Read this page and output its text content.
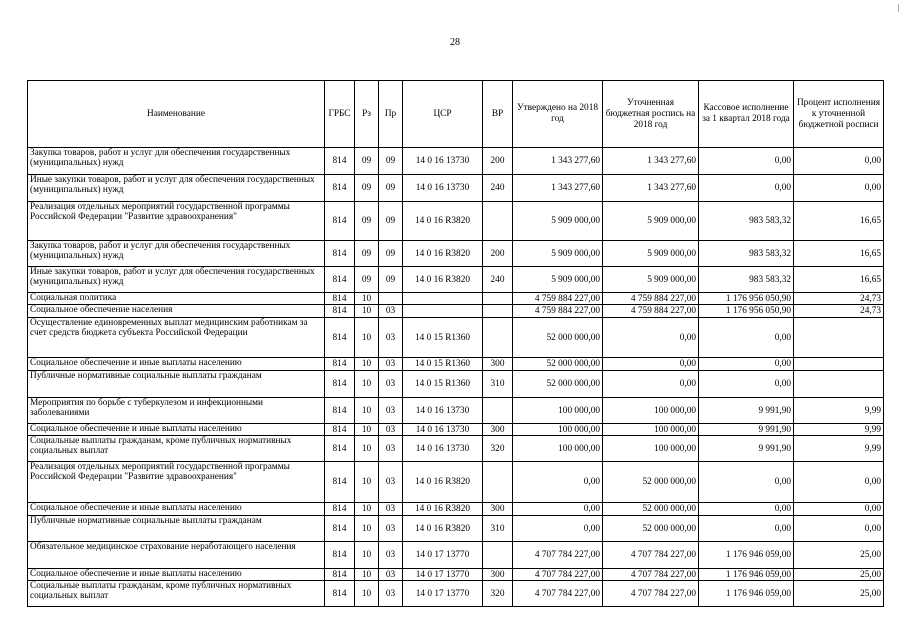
28
Наименование	ГРБС	Рз	Пр	ЦСР	ВР	Утверждено на 2018 год	Уточненная бюджетная роспись на 2018 год	Кассовое исполнение за 1 квартал 2018 года	Процент исполнения к уточненной бюджетной росписи
Закупка товаров, работ и услуг для обеспечения государственных (муниципальных) нужд	814	09	09	14 0 16 13730	200	1 343 277,60	1 343 277,60	0,00	0,00
Иные закупки товаров, работ и услуг для обеспечения государственных (муниципальных) нужд	814	09	09	14 0 16 13730	240	1 343 277,60	1 343 277,60	0,00	0,00
Реализация отдельных мероприятий государственной программы Российской Федерации "Развитие здравоохранения"	814	09	09	14 0 16 R3820		5 909 000,00	5 909 000,00	983 583,32	16,65
Закупка товаров, работ и услуг для обеспечения государственных (муниципальных) нужд	814	09	09	14 0 16 R3820	200	5 909 000,00	5 909 000,00	983 583,32	16,65
Иные закупки товаров, работ и услуг для обеспечения государственных (муниципальных) нужд	814	09	09	14 0 16 R3820	240	5 909 000,00	5 909 000,00	983 583,32	16,65
Социальная политика	814	10				4 759 884 227,00	4 759 884 227,00	1 176 956 050,90	24,73
Социальное обеспечение населения	814	10	03			4 759 884 227,00	4 759 884 227,00	1 176 956 050,90	24,73
Осуществление единовременных выплат медицинским работникам за счет средств бюджета субъекта Российской Федерации	814	10	03	14 0 15 R1360		52 000 000,00	0,00	0,00	
Социальное обеспечение и иные выплаты населению	814	10	03	14 0 15 R1360	300	52 000 000,00	0,00	0,00	
Публичные нормативные социальные выплаты гражданам	814	10	03	14 0 15 R1360	310	52 000 000,00	0,00	0,00	
Мероприятия по борьбе с туберкулезом и инфекционными заболеваниями	814	10	03	14 0 16 13730		100 000,00	100 000,00	9 991,90	9,99
Социальное обеспечение и иные выплаты населению	814	10	03	14 0 16 13730	300	100 000,00	100 000,00	9 991,90	9,99
Социальные выплаты гражданам, кроме публичных нормативных социальных выплат	814	10	03	14 0 16 13730	320	100 000,00	100 000,00	9 991,90	9,99
Реализация отдельных мероприятий государственной программы Российской Федерации "Развитие здравоохранения"	814	10	03	14 0 16 R3820		0,00	52 000 000,00	0,00	0,00
Социальное обеспечение и иные выплаты населению	814	10	03	14 0 16 R3820	300	0,00	52 000 000,00	0,00	0,00
Публичные нормативные социальные выплаты гражданам	814	10	03	14 0 16 R3820	310	0,00	52 000 000,00	0,00	0,00
Обязательное медицинское страхование неработающего населения	814	10	03	14 0 17 13770		4 707 784 227,00	4 707 784 227,00	1 176 946 059,00	25,00
Социальное обеспечение и иные выплаты населению	814	10	03	14 0 17 13770	300	4 707 784 227,00	4 707 784 227,00	1 176 946 059,00	25,00
Социальные выплаты гражданам, кроме публичных нормативных социальных выплат	814	10	03	14 0 17 13770	320	4 707 784 227,00	4 707 784 227,00	1 176 946 059,00	25,00
